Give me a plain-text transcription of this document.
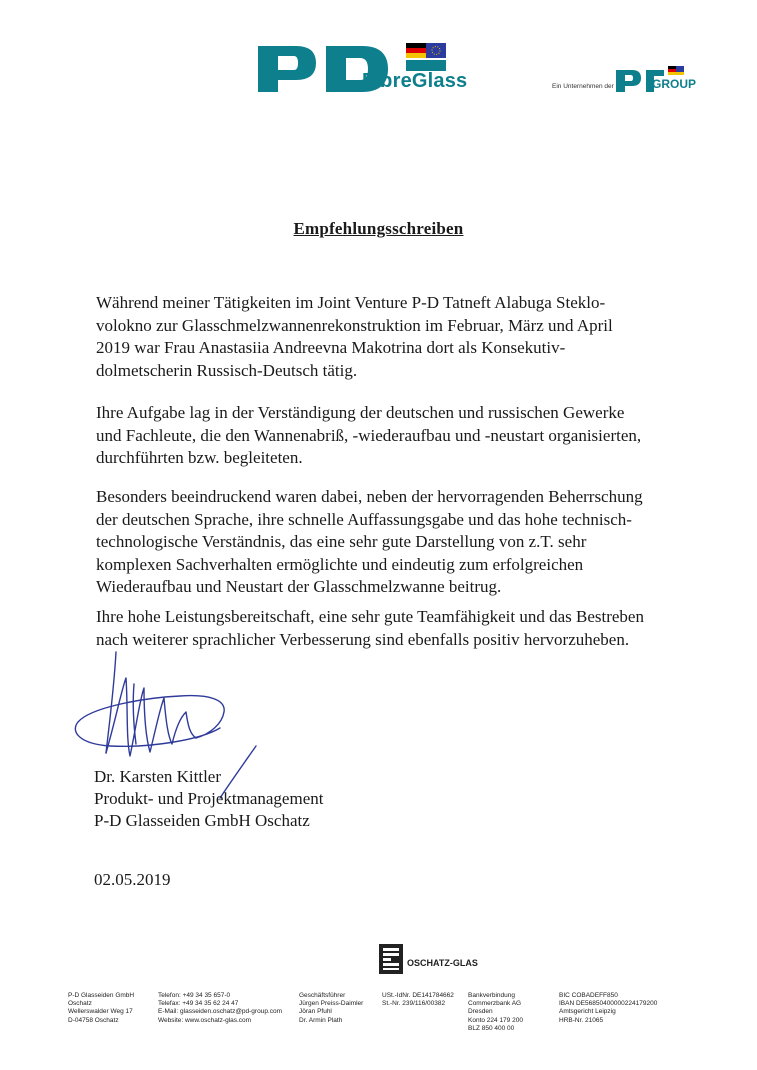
FibreGlass	Ein Unternehmen der	GROUP
Empfehlungsschreiben
Während meiner Tätigkeiten im Joint Venture P-D Tatneft Alabuga Steklo-
volokno zur Glasschmelzwannenrekonstruktion im Februar, März und April
2019 war Frau Anastasiia Andreevna Makotrina dort als Konsekutiv-
dolmetscherin Russisch-Deutsch tätig.
Ihre Aufgabe lag in der Verständigung der deutschen und russischen Gewerke
und Fachleute, die den Wannenabriß, -wiederaufbau und -neustart organisierten,
durchführten bzw. begleiteten.
Besonders beeindruckend waren dabei, neben der hervorragenden Beherrschung
der deutschen Sprache, ihre schnelle Auffassungsgabe und das hohe technisch-
technologische Verständnis, das eine sehr gute Darstellung von z.T. sehr
komplexen Sachverhalten ermöglichte und eindeutig zum erfolgreichen
Wiederaufbau und Neustart der Glasschmelzwanne beitrug.
Ihre hohe Leistungsbereitschaft, eine sehr gute Teamfähigkeit und das Bestreben
nach weiterer sprachlicher Verbesserung sind ebenfalls positiv hervorzuheben.
Dr. Karsten Kittler
Produkt- und Projektmanagement
P-D Glasseiden GmbH Oschatz
02.05.2019
OSCHATZ-GLAS
P-D Glasseiden GmbH
Oschatz
Wellerswalder Weg 17
D-04758 Oschatz
Telefon: +49 34 35 657-0
Telefax: +49 34 35 62 24 47
E-Mail: glasseiden.oschatz@pd-group.com
Website: www.oschatz-glas.com
Geschäftsführer
Jürgen Preiss-Daimler
Jöran Pfuhl
Dr. Armin Plath
USt.-IdNr. DE141784662
St.-Nr. 239/116/00382
Bankverbindung
Commerzbank AG
Dresden
Konto 224 179 200
BLZ 850 400 00
BIC COBADEFF850
IBAN DE56850400000224179200
Amtsgericht Leipzig
HRB-Nr. 21065
